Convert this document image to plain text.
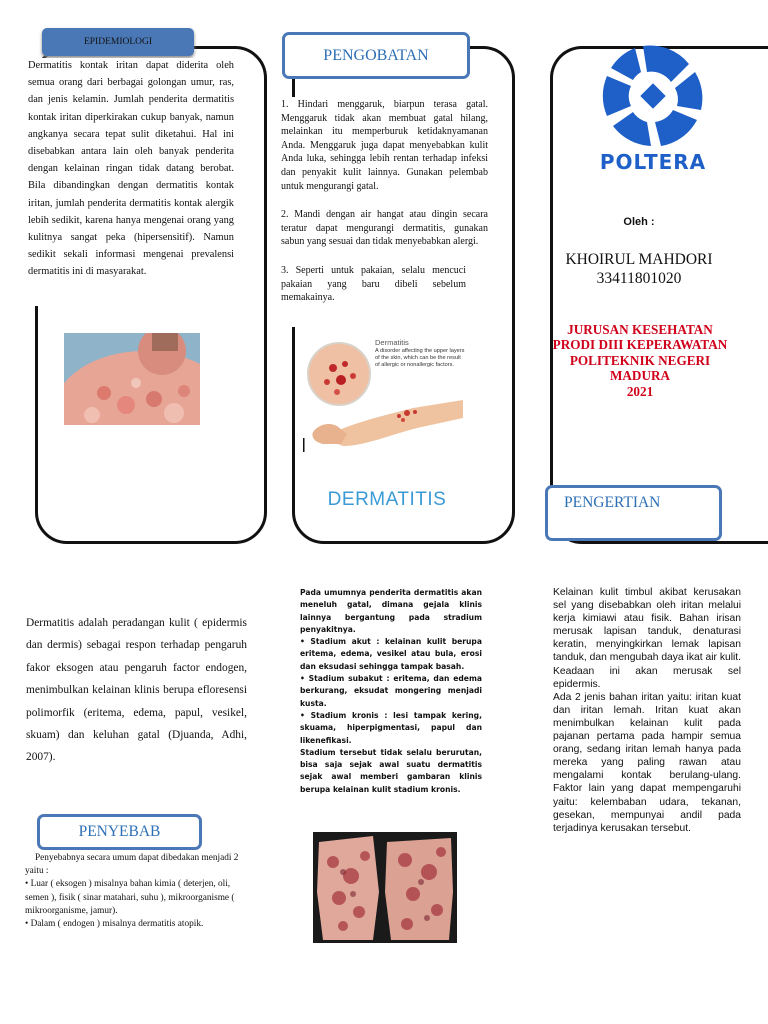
EPIDEMIOLOGI

Dermatitis kontak iritan dapat diderita oleh semua orang dari berbagai golongan umur, ras, dan jenis kelamin. Jumlah penderita dermatitis kontak iritan diperkirakan cukup banyak, namun angkanya secara tepat sulit diketahui. Hal ini disebabkan antara lain oleh banyak penderita dengan kelainan ringan tidak datang berobat. Bila dibandingkan dengan dermatitis kontak iritan, jumlah penderita dermatitis kontak alergik lebih sedikit, karena hanya mengenai orang yang kulitnya sangat peka (hipersensitif). Namun sedikit sekali informasi mengenai prevalensi dermatitis ini di masyarakat.

PENGOBATAN

1. Hindari menggaruk, biarpun terasa gatal. Menggaruk tidak akan membuat gatal hilang, melainkan itu memperburuk ketidaknyamanan Anda. Menggaruk juga dapat menyebabkan kulit Anda luka, sehingga lebih rentan terhadap infeksi dan penyakit kulit lainnya. Gunakan pelembab untuk mengurangi gatal.

2. Mandi dengan air hangat atau dingin secara teratur dapat mengurangi dermatitis, gunakan sabun yang sesuai dan tidak menyebabkan alergi.

3. Seperti untuk pakaian, selalu mencuci pakaian yang baru dibeli sebelum memakainya.

Dermatitis
A disorder affecting the upper layers of the skin, which can be the result of allergic or nonallergic factors.
DERMATITIS
POLTERA
Oleh :
KHOIRUL MAHDORI
33411801020
JURUSAN KESEHATAN
PRODI DIII KEPERAWATAN
POLITEKNIK NEGERI
MADURA
2021
PENGERTIAN

Dermatitis adalah peradangan kulit ( epidermis dan dermis) sebagai respon terhadap pengaruh fakor eksogen atau pengaruh factor endogen, menimbulkan kelainan klinis berupa efloresensi polimorfik (eritema, edema, papul, vesikel, skuam) dan keluhan gatal (Djuanda, Adhi, 2007).

PENYEBAB

Penyebabnya secara umum dapat dibedakan menjadi 2 yaitu :

• Luar ( eksogen ) misalnya bahan kimia ( deterjen, oli, semen ), fisik ( sinar matahari, suhu ), mikroorganisme ( mikroorganisme, jamur).

• Dalam ( endogen ) misalnya dermatitis atopik.

Pada umumnya penderita dermatitis akan meneluh gatal, dimana gejala klinis lainnya bergantung pada stradium penyakitnya.

• Stadium akut : kelainan kulit berupa eritema, edema, vesikel atau bula, erosi dan eksudasi sehingga tampak basah.

• Stadium subakut : eritema, dan edema berkurang, eksudat mongering menjadi kusta.

• Stadium kronis : lesi tampak kering, skuama, hiperpigmentasi, papul dan likenefikasi.

Stadium tersebut tidak selalu berurutan, bisa saja sejak awal suatu dermatitis sejak awal memberi gambaran klinis berupa kelainan kulit stadium kronis.

Kelainan kulit timbul akibat kerusakan sel yang disebabkan oleh iritan melalui kerja kimiawi atau fisik. Bahan irisan merusak lapisan tanduk, denaturasi keratin, menyingkirkan lemak lapisan tanduk, dan mengubah daya ikat air kulit. Keadaan ini akan merusak sel epidermis.

Ada 2 jenis bahan iritan yaitu: iritan kuat dan iritan lemah. Iritan kuat akan menimbulkan kelainan kulit pada pajanan pertama pada hampir semua orang, sedang iritan lemah hanya pada mereka yang paling rawan atau mengalami kontak berulang-ulang. Faktor lain yang dapat mempengaruhi yaitu: kelembaban udara, tekanan, gesekan, mempunyai andil pada terjadinya kerusakan tersebut.
